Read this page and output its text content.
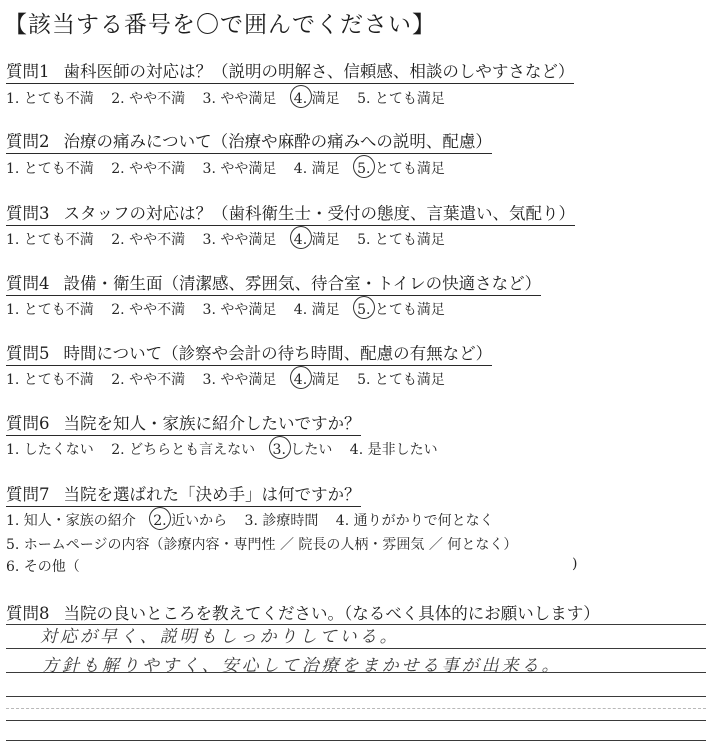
【該当する番号を〇で囲んでください】
質問1 歯科医師の対応は？（説明の明解さ、信頼感、相談のしやすさなど）
1. とても不満 2. やや不満 3. やや満足 4. 満足 5. とても満足
質問2 治療の痛みについて（治療や麻酔の痛みへの説明、配慮）
1. とても不満 2. やや不満 3. やや満足 4. 満足 5. とても満足
質問3 スタッフの対応は？（歯科衛生士・受付の態度、言葉遣い、気配り）
1. とても不満 2. やや不満 3. やや満足 4. 満足 5. とても満足
質問4 設備・衛生面（清潔感、雰囲気、待合室・トイレの快適さなど）
1. とても不満 2. やや不満 3. やや満足 4. 満足 5. とても満足
質問5 時間について（診察や会計の待ち時間、配慮の有無など）
1. とても不満 2. やや不満 3. やや満足 4. 満足 5. とても満足
質問6 当院を知人・家族に紹介したいですか？
1. したくない 2. どちらとも言えない 3. したい 4. 是非したい
質問7 当院を選ばれた「決め手」は何ですか？
1. 知人・家族の紹介 2. 近いから 3. 診療時間 4. 通りがかりで何となく
5. ホームページの内容（診療内容・専門性 ／ 院長の人柄・雰囲気 ／ 何となく）
6. その他（	)
質問8 当院の良いところを教えてください。（なるべく具体的にお願いします）
対応が早く、説明もしっかりしている。
方針も解りやすく、安心して治療をまかせる事が出来る。
